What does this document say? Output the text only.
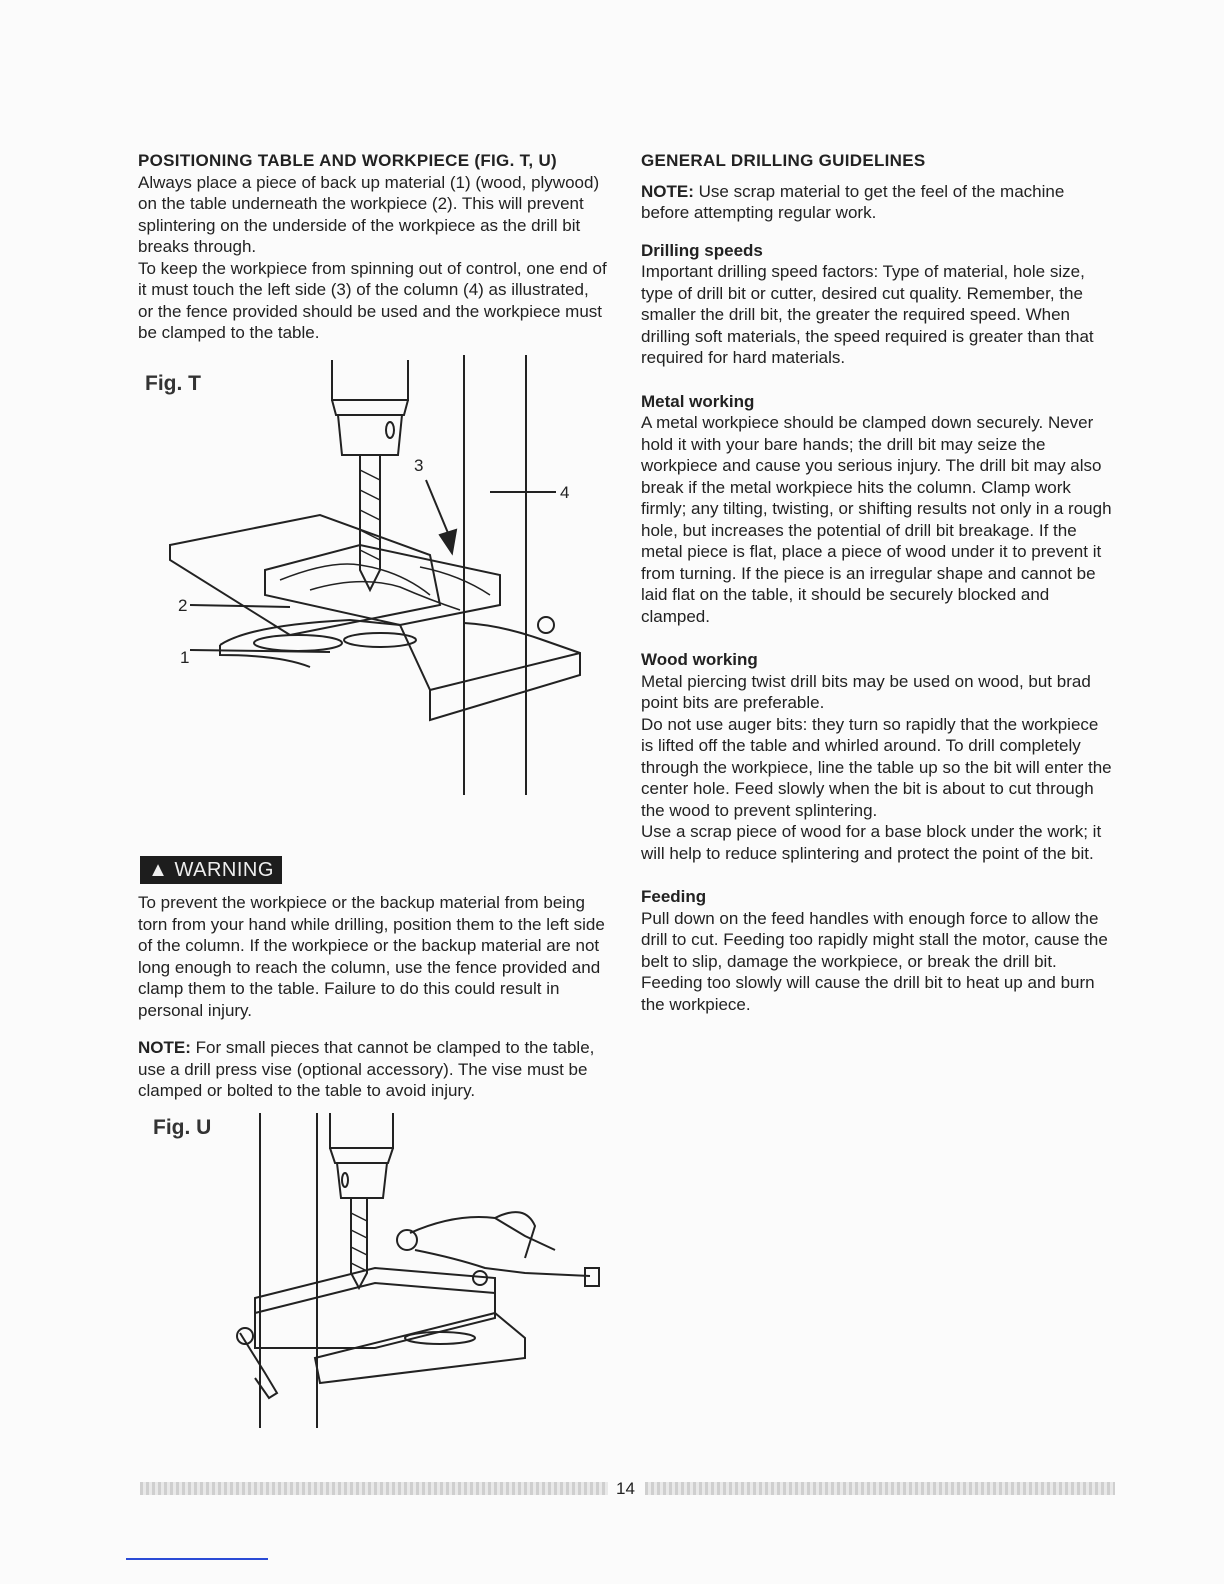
POSITIONING TABLE AND WORKPIECE (FIG. T, U)

Always place a piece of back up material (1) (wood, plywood) on the table underneath the workpiece (2). This will prevent splintering on the underside of the workpiece as the drill bit breaks through.

To keep the workpiece from spinning out of control, one end of it must touch the left side (3) of the column (4) as illustrated, or the fence provided should be used and the workpiece must be clamped to the table.

Fig. T
3
4
2
1
▲ WARNING

To prevent the workpiece or the backup material from being torn from your hand while drilling, position them to the left side of the column. If the workpiece or the backup material are not long enough to reach the column, use the fence provided and clamp them to the table. Failure to do this could result in personal injury.

NOTE: For small pieces that cannot be clamped to the table, use a drill press vise (optional accessory). The vise must be clamped or bolted to the table to avoid injury.

Fig. U
GENERAL DRILLING GUIDELINES

NOTE: Use scrap material to get the feel of the machine before attempting regular work.

Drilling speeds

Important drilling speed factors: Type of material, hole size, type of drill bit or cutter, desired cut quality. Remember, the smaller the drill bit, the greater the required speed. When drilling soft materials, the speed required is greater than that required for hard materials.

Metal working

A metal workpiece should be clamped down securely. Never hold it with your bare hands; the drill bit may seize the workpiece and cause you serious injury. The drill bit may also break if the metal workpiece hits the column. Clamp work firmly; any tilting, twisting, or shifting results not only in a rough hole, but increases the potential of drill bit breakage. If the metal piece is flat, place a piece of wood under it to prevent it from turning. If the piece is an irregular shape and cannot be laid flat on the table, it should be securely blocked and clamped.

Wood working

Metal piercing twist drill bits may be used on wood, but brad point bits are preferable.

Do not use auger bits: they turn so rapidly that the workpiece is lifted off the table and whirled around. To drill completely through the workpiece, line the table up so the bit will enter the center hole. Feed slowly when the bit is about to cut through the wood to prevent splintering.

Use a scrap piece of wood for a base block under the work; it will help to reduce splintering and protect the point of the bit.

Feeding

Pull down on the feed handles with enough force to allow the drill to cut. Feeding too rapidly might stall the motor, cause the belt to slip, damage the workpiece, or break the drill bit. Feeding too slowly will cause the drill bit to heat up and burn the workpiece.

14
